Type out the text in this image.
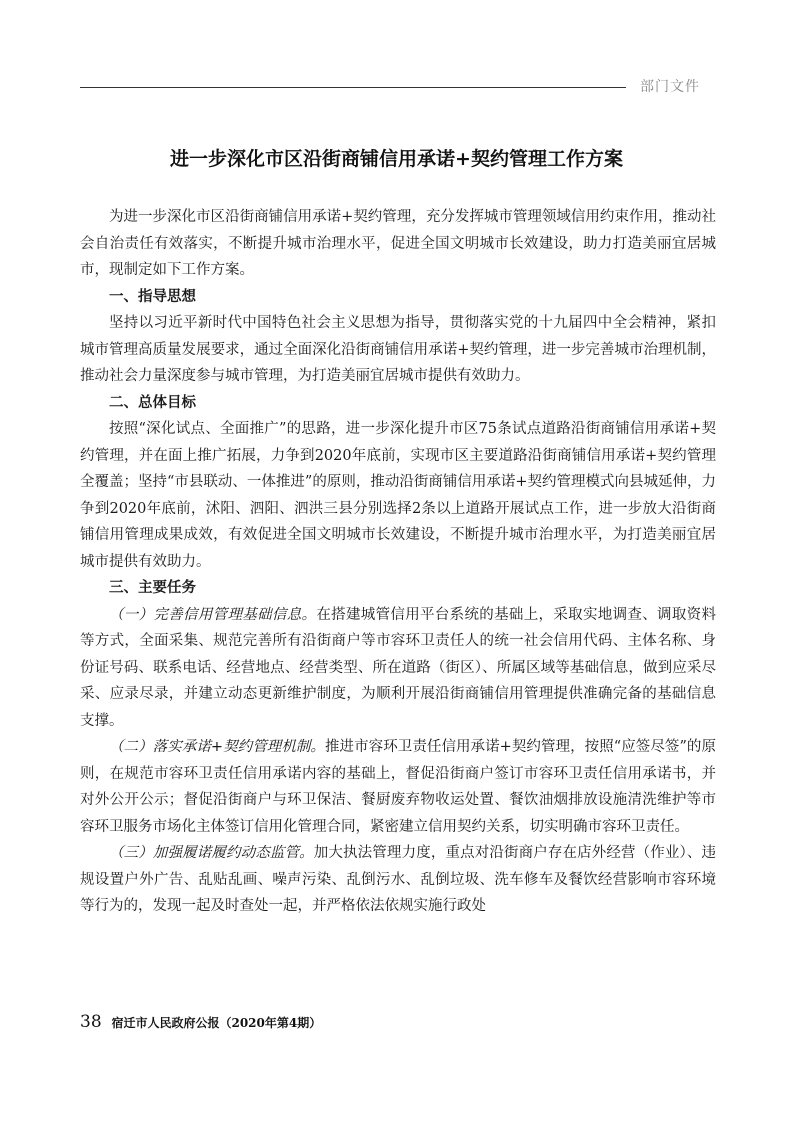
部门文件
进一步深化市区沿街商铺信用承诺+契约管理工作方案

为进一步深化市区沿街商铺信用承诺+契约管理，充分发挥城市管理领域信用约束作用，推动社会自治责任有效落实，不断提升城市治理水平，促进全国文明城市长效建设，助力打造美丽宜居城市，现制定如下工作方案。

一、指导思想

坚持以习近平新时代中国特色社会主义思想为指导，贯彻落实党的十九届四中全会精神，紧扣城市管理高质量发展要求，通过全面深化沿街商铺信用承诺+契约管理，进一步完善城市治理机制，推动社会力量深度参与城市管理，为打造美丽宜居城市提供有效助力。

二、总体目标

按照“深化试点、全面推广”的思路，进一步深化提升市区75条试点道路沿街商铺信用承诺+契约管理，并在面上推广拓展，力争到2020年底前，实现市区主要道路沿街商铺信用承诺+契约管理全覆盖；坚持“市县联动、一体推进”的原则，推动沿街商铺信用承诺+契约管理模式向县城延伸，力争到2020年底前，沭阳、泗阳、泗洪三县分别选择2条以上道路开展试点工作，进一步放大沿街商铺信用管理成果成效，有效促进全国文明城市长效建设，不断提升城市治理水平，为打造美丽宜居城市提供有效助力。

三、主要任务

（一）完善信用管理基础信息。在搭建城管信用平台系统的基础上，采取实地调查、调取资料等方式，全面采集、规范完善所有沿街商户等市容环卫责任人的统一社会信用代码、主体名称、身份证号码、联系电话、经营地点、经营类型、所在道路（街区）、所属区域等基础信息，做到应采尽采、应录尽录，并建立动态更新维护制度，为顺利开展沿街商铺信用管理提供准确完备的基础信息支撑。

（二）落实承诺+契约管理机制。推进市容环卫责任信用承诺+契约管理，按照“应签尽签”的原则，在规范市容环卫责任信用承诺内容的基础上，督促沿街商户签订市容环卫责任信用承诺书，并对外公开公示；督促沿街商户与环卫保洁、餐厨废弃物收运处置、餐饮油烟排放设施清洗维护等市容环卫服务市场化主体签订信用化管理合同，紧密建立信用契约关系，切实明确市容环卫责任。

（三）加强履诺履约动态监管。加大执法管理力度，重点对沿街商户存在店外经营（作业）、违规设置户外广告、乱贴乱画、噪声污染、乱倒污水、乱倒垃圾、洗车修车及餐饮经营影响市容环境等行为的，发现一起及时查处一起，并严格依法依规实施行政处

38 宿迁市人民政府公报（2020年第4期）
